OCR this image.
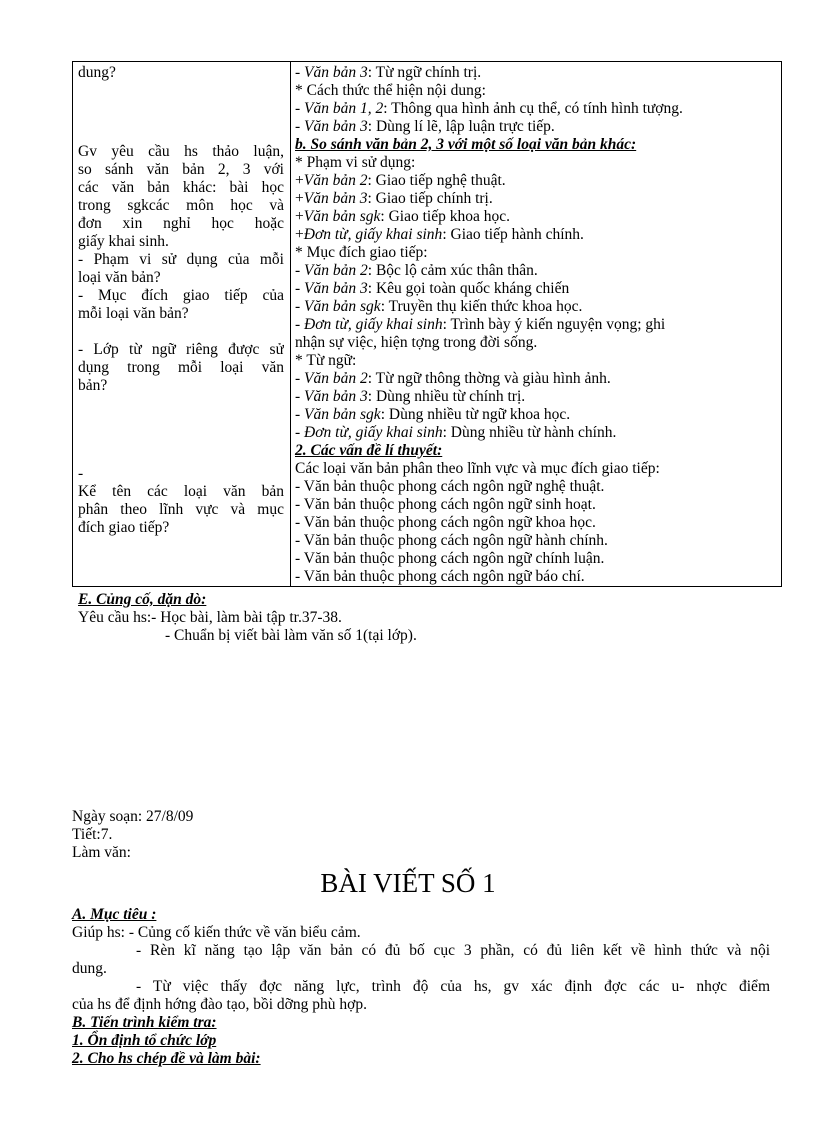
dung?
Gv yêu cầu hs thảo luận,
so sánh văn bản 2, 3 với
các văn bản khác: bài học
trong sgkcác môn học và
đơn xin nghỉ học hoặc
giấy khai sinh.
- Phạm vi sử dụng của mỗi
loại văn bản?
- Mục đích giao tiếp của
mỗi loại văn bản?
- Lớp từ ngữ riêng được sử
dụng trong mỗi loại văn
bản?
-
Kể tên các loại văn bản
phân theo lĩnh vực và mục
đích giao tiếp?
- Văn bản 3: Từ ngữ chính trị.
* Cách thức thể hiện nội dung:
- Văn bản 1, 2: Thông qua hình ảnh cụ thể, có tính hình tượng.
- Văn bản 3: Dùng lí lẽ, lập luận trực tiếp.
b. So sánh văn bản 2, 3 với một số loại văn bản khác:
* Phạm vi sử dụng:
+Văn bản 2: Giao tiếp nghệ thuật.
+Văn bản 3: Giao tiếp chính trị.
+Văn bản sgk: Giao tiếp khoa học.
+Đơn từ, giấy khai sinh: Giao tiếp hành chính.
* Mục đích giao tiếp:
- Văn bản 2: Bộc lộ cảm xúc thân thân.
- Văn bản 3: Kêu gọi toàn quốc kháng chiến
- Văn bản sgk: Truyền thụ kiến thức khoa học.
- Đơn từ, giấy khai sinh: Trình bày ý kiến nguyện vọng; ghi
nhận sự việc, hiện tợng trong đời sống.
* Từ ngữ:
- Văn bản 2: Từ ngữ thông thờng và giàu hình ảnh.
- Văn bản 3: Dùng nhiều từ chính trị.
- Văn bản sgk: Dùng nhiều từ ngữ khoa học.
- Đơn từ, giấy khai sinh: Dùng nhiều từ hành chính.
2. Các vấn đề lí thuyết:
Các loại văn bản phân theo lĩnh vực và mục đích giao tiếp:
- Văn bản thuộc phong cách ngôn ngữ nghệ thuật.
- Văn bản thuộc phong cách ngôn ngữ sinh hoạt.
- Văn bản thuộc phong cách ngôn ngữ khoa học.
- Văn bản thuộc phong cách ngôn ngữ hành chính.
- Văn bản thuộc phong cách ngôn ngữ chính luận.
- Văn bản thuộc phong cách ngôn ngữ báo chí.
E. Củng cố, dặn dò:
Yêu cầu hs:- Học bài, làm bài tập tr.37-38.
- Chuẩn bị viết bài làm văn số 1(tại lớp).
Ngày soạn: 27/8/09
Tiết:7.
Làm văn:
BÀI VIẾT SỐ 1
A. Mục tiêu :
Giúp hs: - Củng cố kiến thức về văn biểu cảm.
- Rèn kĩ năng tạo lập văn bản có đủ bố cục 3 phần, có đủ liên kết về hình thức và nội
dung.
- Từ việc thấy đợc năng lực, trình độ của hs, gv xác định đợc các u- nhợc điểm
của hs để định hớng đào tạo, bồi dỡng phù hợp.
B. Tiến trình kiểm tra:
1. Ổn định tổ chức lớp
2. Cho hs chép đề và làm bài:
